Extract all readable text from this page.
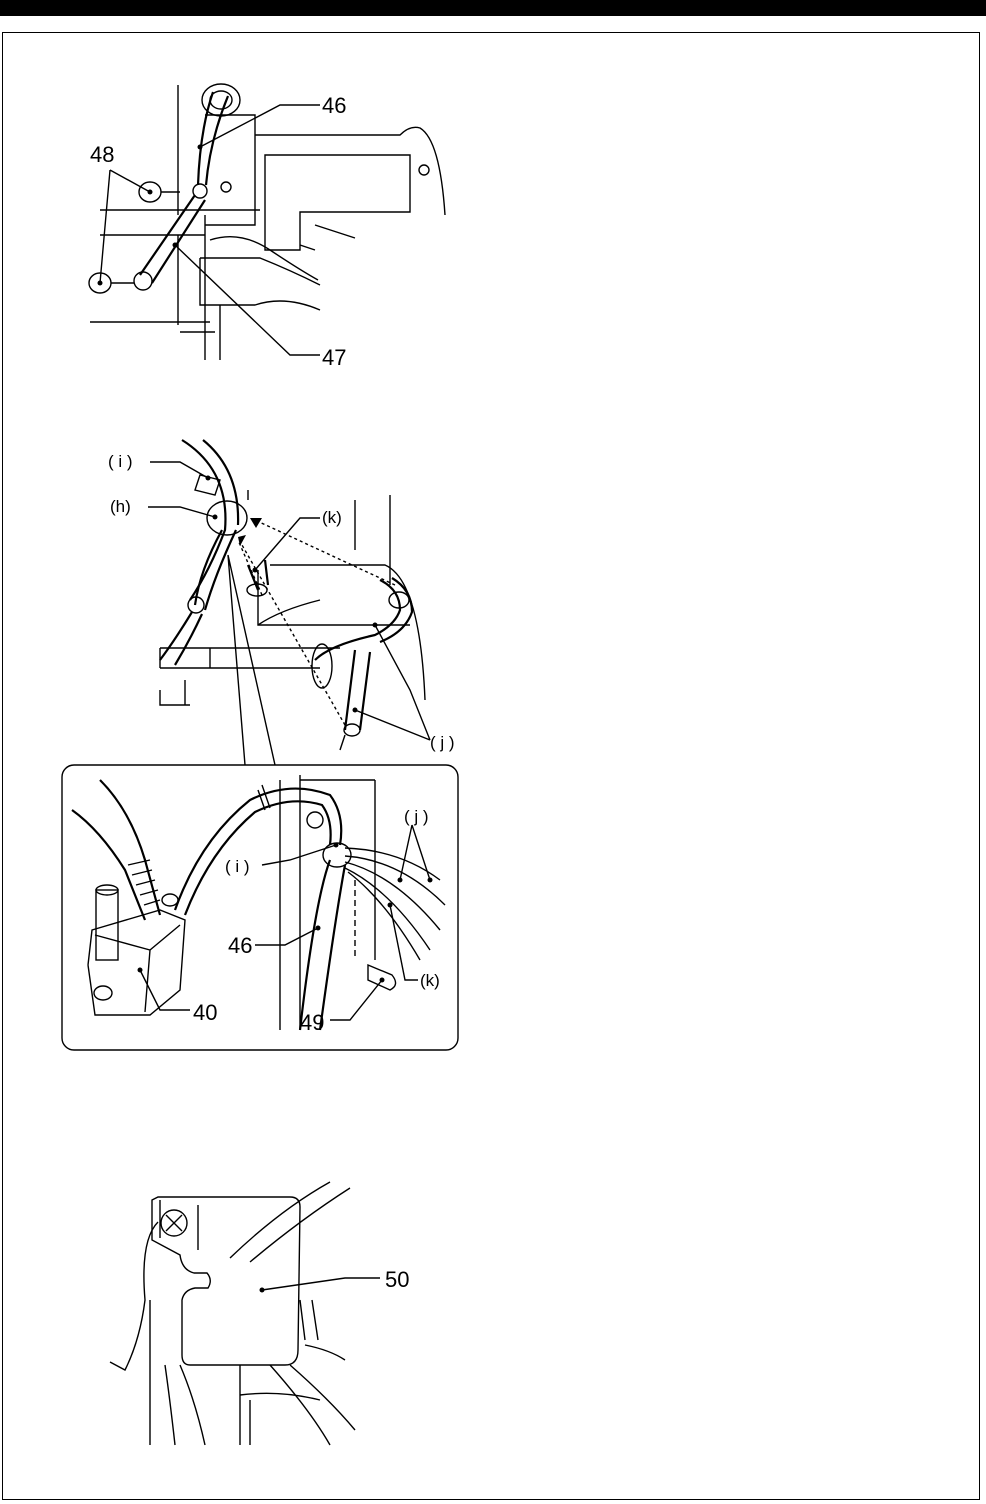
46
48
47
( i )
(h)
(k)
( j )
( j )
( i )
46
(k)
40	49
50
